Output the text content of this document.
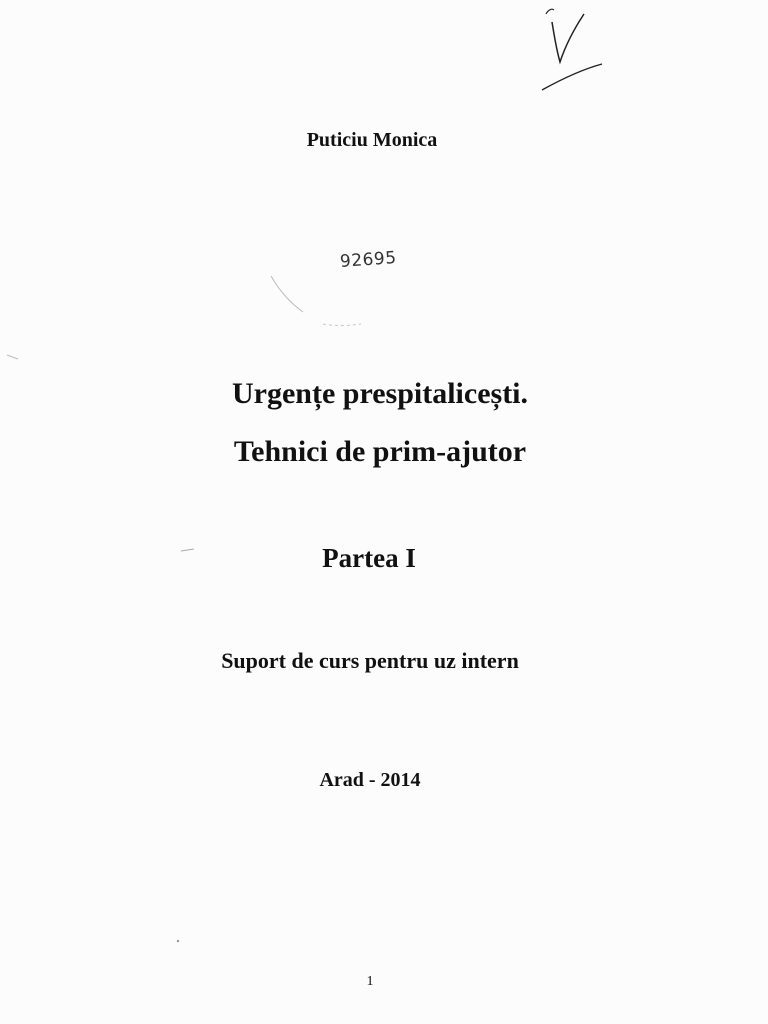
Puticiu Monica
92695
Urgențe prespitalicești.
Tehnici de prim-ajutor
Partea I
Suport de curs pentru uz intern
Arad - 2014
1
